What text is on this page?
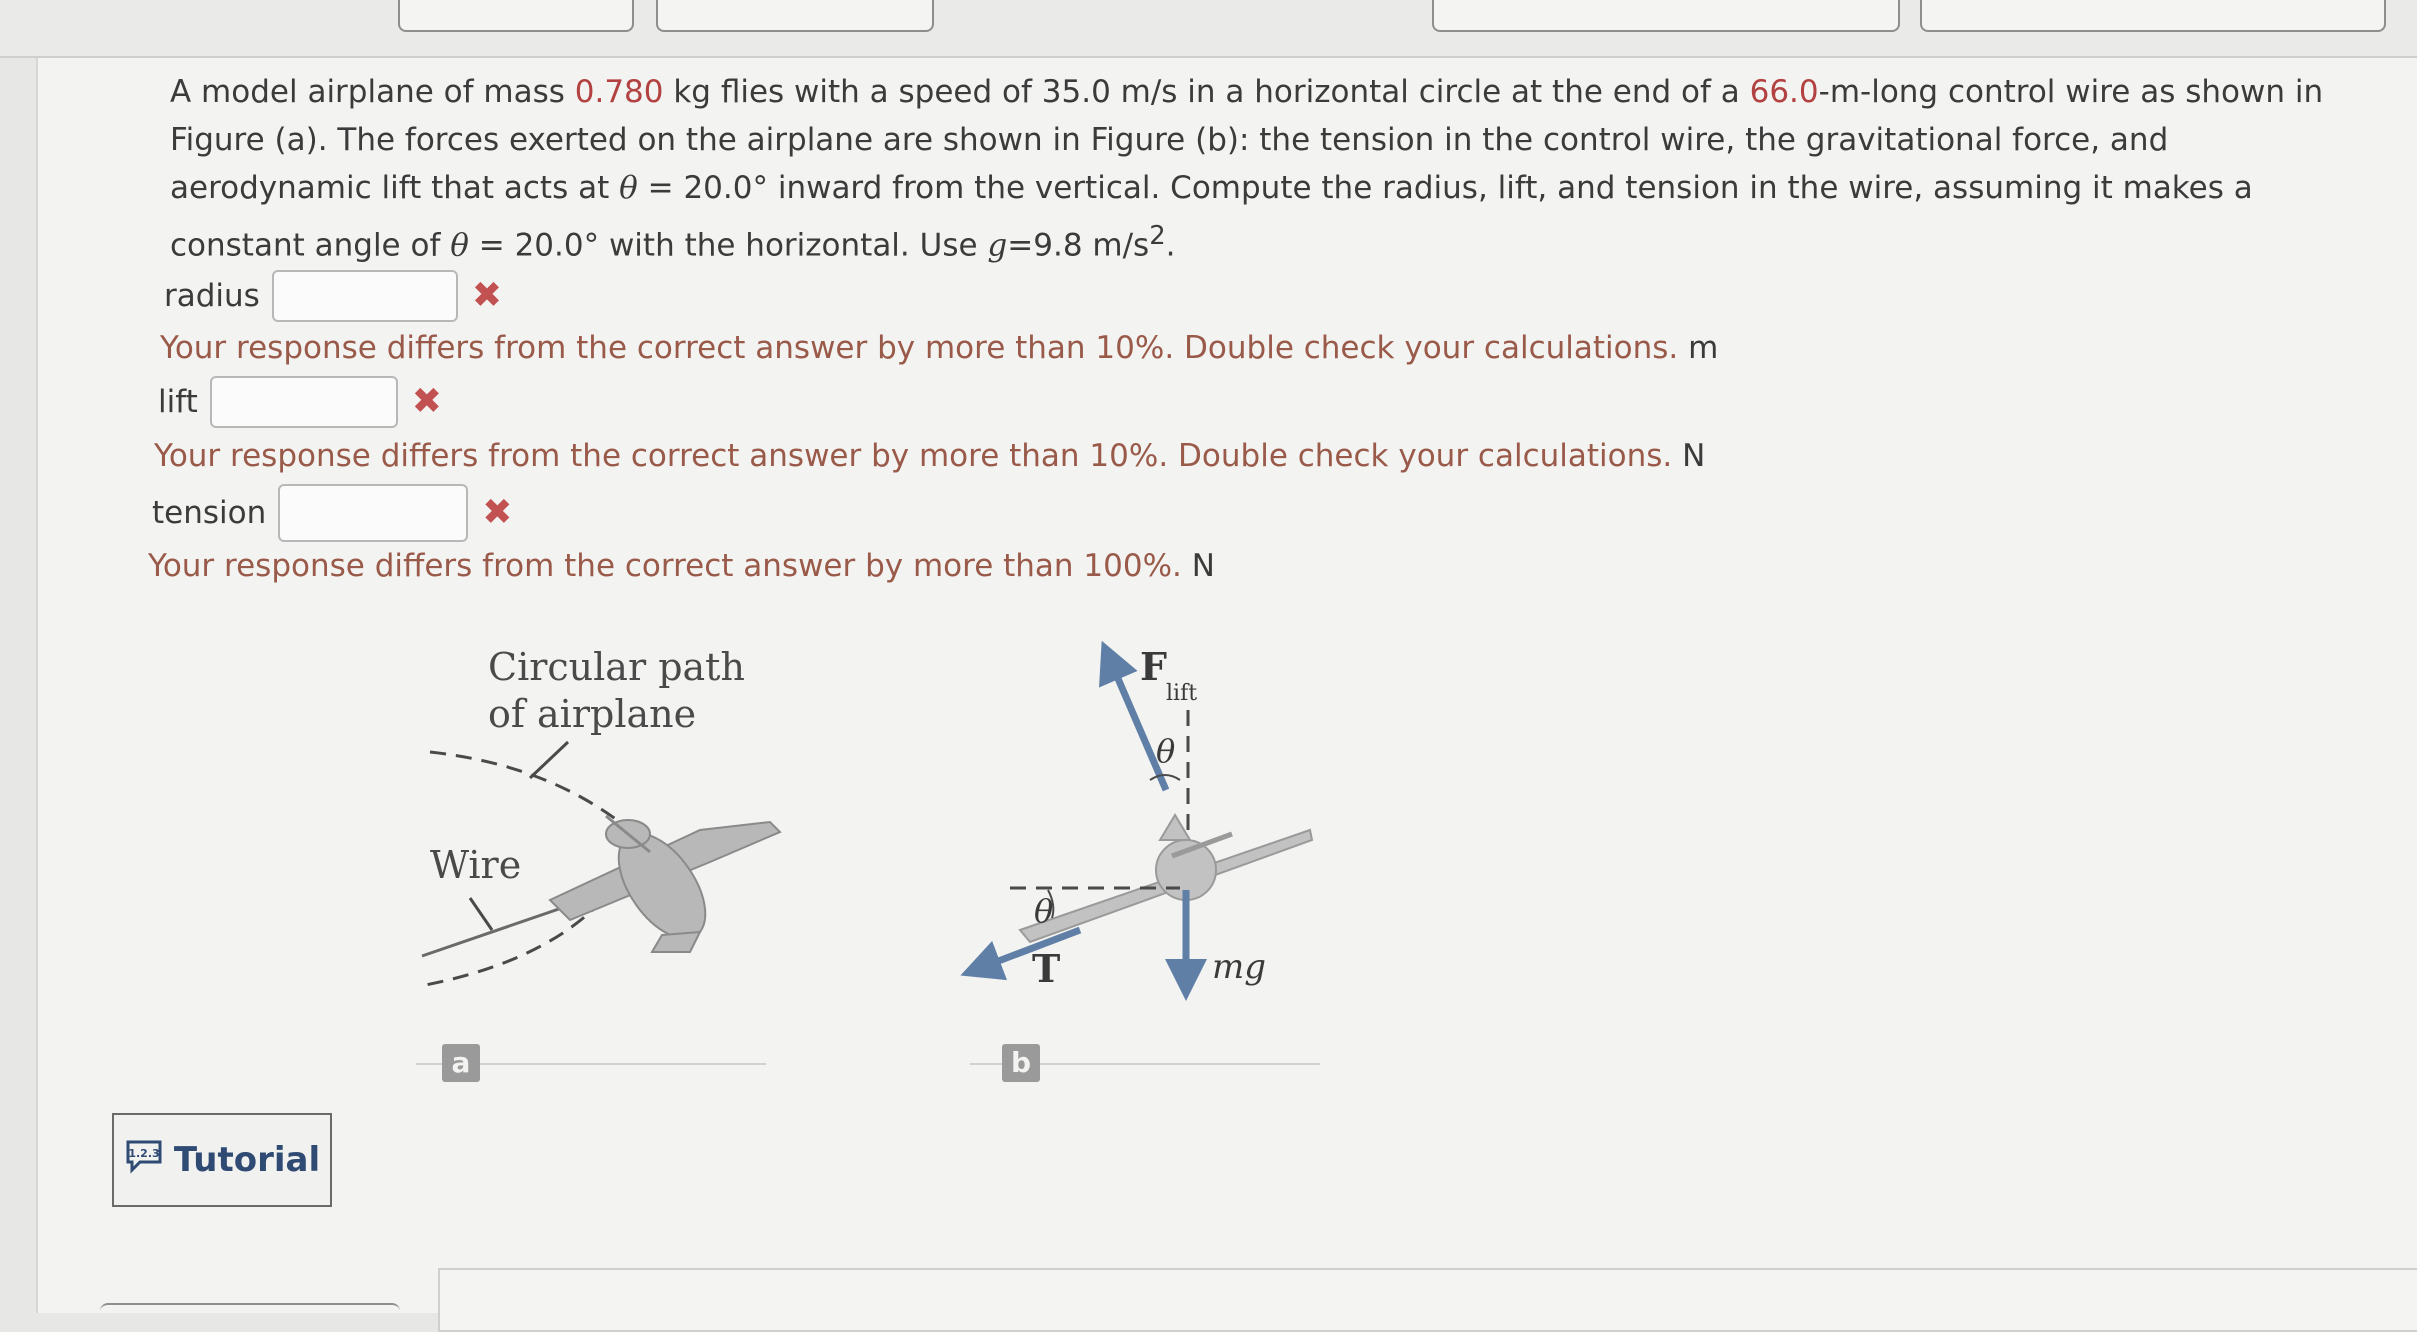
A model airplane of mass 0.780 kg flies with a speed of 35.0 m/s in a horizontal circle at the end of a 66.0-m-long control wire as shown in Figure (a). The forces exerted on the airplane are shown in Figure (b): the tension in the control wire, the gravitational force, and aerodynamic lift that acts at θ = 20.0° inward from the vertical. Compute the radius, lift, and tension in the wire, assuming it makes a constant angle of θ = 20.0° with the horizontal. Use g=9.8 $m/s^2$.

radius	✖
Your response differs from the correct answer by more than 10%. Double check your calculations. m
lift	✖
Your response differs from the correct answer by more than 10%. Double check your calculations. N
tension	✖
Your response differs from the correct answer by more than 100%. N
Circular path
of airplane
Wire
a
F
lift
θ
θ
T	mg
b
1.2.3 Tutorial
